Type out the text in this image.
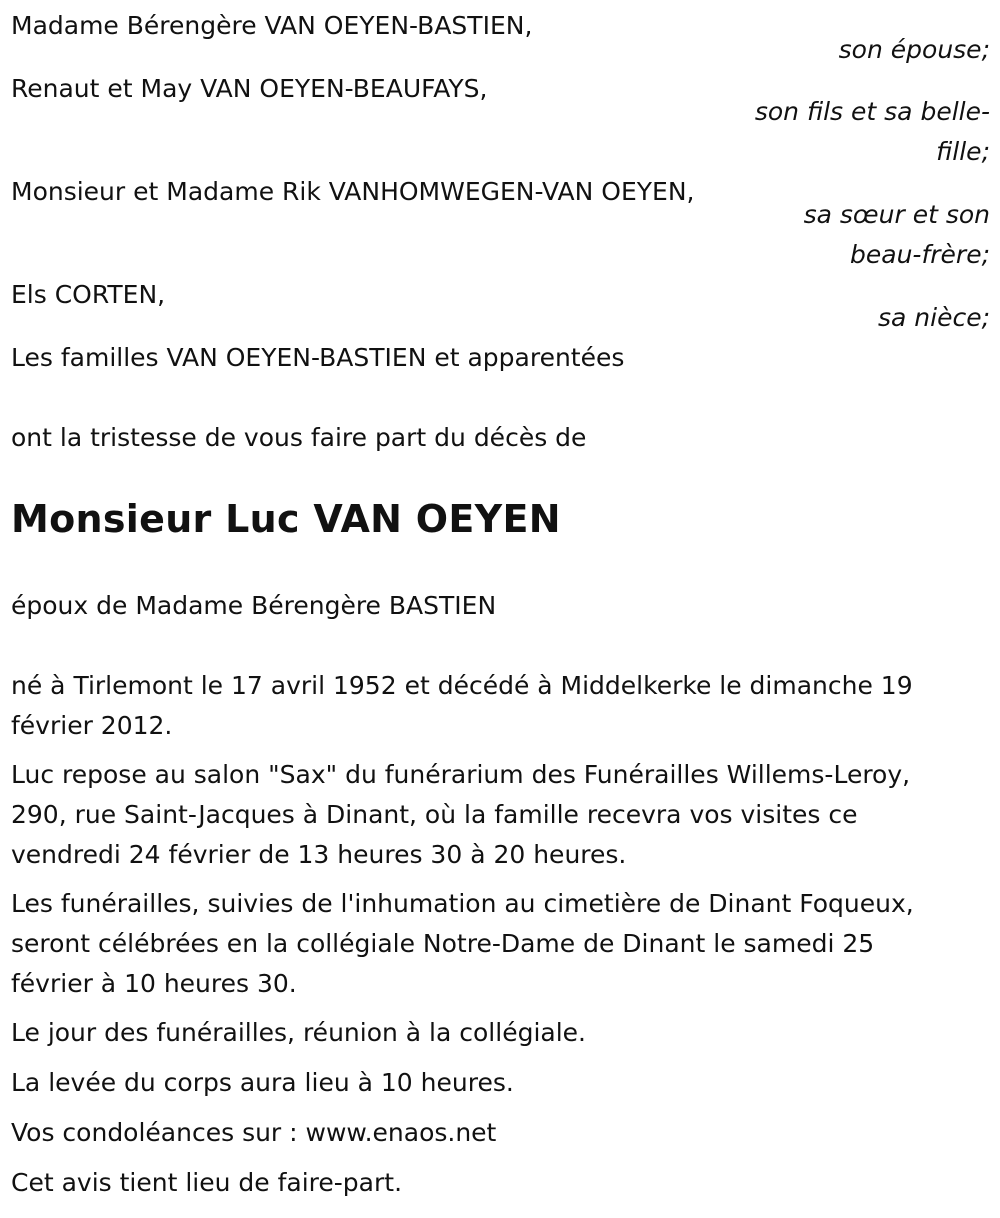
Madame Bérengère VAN OEYEN-BASTIEN,

son épouse;

Renaut et May VAN OEYEN-BEAUFAYS,

son fils et sa belle-

fille;

Monsieur et Madame Rik VANHOMWEGEN-VAN OEYEN,

sa sœur et son

beau-frère;

Els CORTEN,

sa nièce;

Les familles VAN OEYEN-BASTIEN et apparentées

ont la tristesse de vous faire part du décès de

Monsieur Luc VAN OEYEN

époux de Madame Bérengère BASTIEN

né à Tirlemont le 17 avril 1952 et décédé à Middelkerke le dimanche 19
février 2012.
Luc repose au salon "Sax" du funérarium des Funérailles Willems-Leroy,
290, rue Saint-Jacques à Dinant, où la famille recevra vos visites ce
vendredi 24 février de 13 heures 30 à 20 heures.
Les funérailles, suivies de l'inhumation au cimetière de Dinant Foqueux,
seront célébrées en la collégiale Notre-Dame de Dinant le samedi 25
février à 10 heures 30.

Le jour des funérailles, réunion à la collégiale.

La levée du corps aura lieu à 10 heures.

Vos condoléances sur : www.enaos.net

Cet avis tient lieu de faire-part.
